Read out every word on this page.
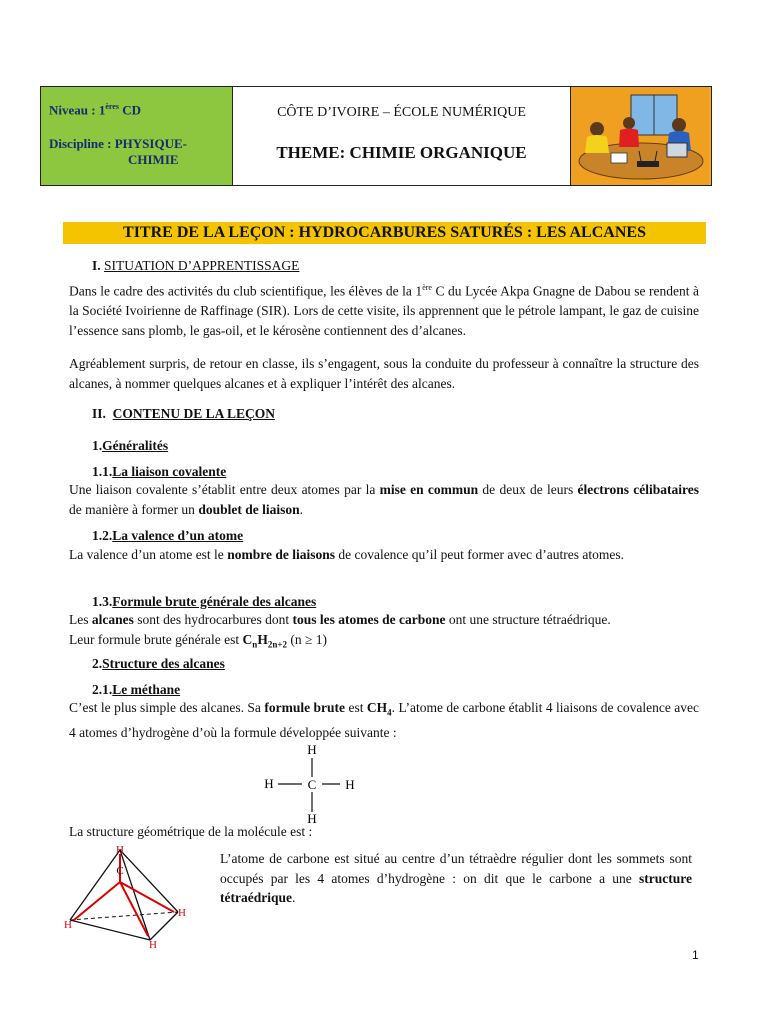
Niveau : 1ères CD
Discipline : PHYSIQUE-
CHIMIE
CÔTE D’IVOIRE – ÉCOLE NUMÉRIQUE
THEME: CHIMIE ORGANIQUE
TITRE DE LA LEÇON : HYDROCARBURES SATURÉS : LES ALCANES
I. SITUATION D’APPRENTISSAGE
Dans le cadre des activités du club scientifique, les élèves de la 1ère C du Lycée Akpa Gnagne de Dabou se rendent à la Société Ivoirienne de Raffinage (SIR). Lors de cette visite, ils apprennent que le pétrole lampant, le gaz de cuisine l’essence sans plomb, le gas-oil, et le kérosène contiennent des d’alcanes.
Agréablement surpris, de retour en classe, ils s’engagent, sous la conduite du professeur à connaître la structure des alcanes, à nommer quelques alcanes et à expliquer l’intérêt des alcanes.
II. CONTENU DE LA LEÇON
1.Généralités
1.1.La liaison covalente
Une liaison covalente s’établit entre deux atomes par la mise en commun de deux de leurs électrons célibataires de manière à former un doublet de liaison.
1.2.La valence d’un atome
La valence d’un atome est le nombre de liaisons de covalence qu’il peut former avec d’autres atomes.
1.3.Formule brute générale des alcanes
Les alcanes sont des hydrocarbures dont tous les atomes de carbone ont une structure tétraédrique.
Leur formule brute générale est $C_nH_{2n+2}$ (n ≥ 1)
2.Structure des alcanes
2.1.Le méthane
C’est le plus simple des alcanes. Sa formule brute est $CH_4$. L’atome de carbone établit 4 liaisons de covalence avec 4 atomes d’hydrogène d’où la formule développée suivante :
H
C
H	H
H
La structure géométrique de la molécule est :
H
C
H
H
H
L’atome de carbone est situé au centre d’un tétraèdre régulier dont les sommets sont occupés par les 4 atomes d’hydrogène : on dit que le carbone a une structure tétraédrique.
1
